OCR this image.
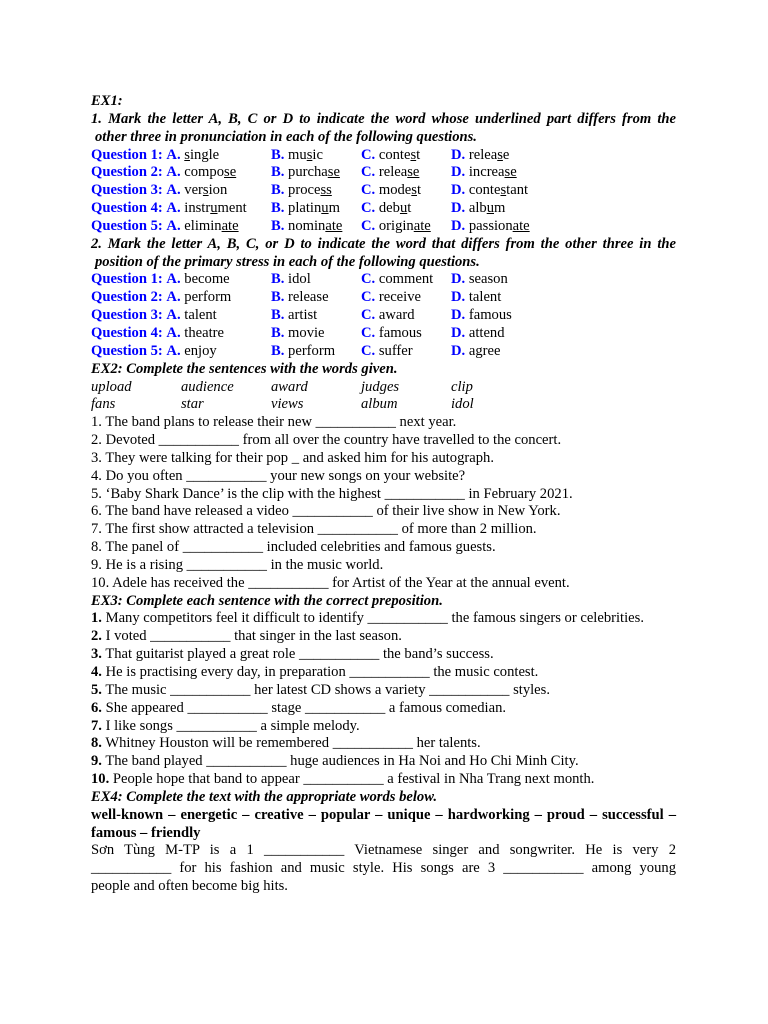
EX1:
1. Mark the letter A, B, C or D to indicate the word whose underlined part differs from the
other three in pronunciation in each of the following questions.
Question 1: A. single	B. music	C. contest	D. release
Question 2: A. compose	B. purchase	C. release	D. increase
Question 3: A. version	B. process	C. modest	D. contestant
Question 4: A. instrument	B. platinum	C. debut	D. album
Question 5: A. eliminate	B. nominate	C. originate	D. passionate
2. Mark the letter A, B, C, or D to indicate the word that differs from the other three in the
position of the primary stress in each of the following questions.
Question 1: A. become	B. idol	C. comment	D. season
Question 2: A. perform	B. release	C. receive	D. talent
Question 3: A. talent	B. artist	C. award	D. famous
Question 4: A. theatre	B. movie	C. famous	D. attend
Question 5: A. enjoy	B. perform	C. suffer	D. agree
EX2: Complete the sentences with the words given.
upload	audience	award	judges	clip
fans	star	views	album	idol
1. The band plans to release their new ___________ next year.
2. Devoted ___________ from all over the country have travelled to the concert.
3. They were talking for their pop _ and asked him for his autograph.
4. Do you often ___________ your new songs on your website?
5. ‘Baby Shark Dance’ is the clip with the highest ___________ in February 2021.
6. The band have released a video ___________ of their live show in New York.
7. The first show attracted a television ___________ of more than 2 million.
8. The panel of ___________ included celebrities and famous guests.
9. He is a rising ___________ in the music world.
10. Adele has received the ___________ for Artist of the Year at the annual event.
EX3: Complete each sentence with the correct preposition.
1. Many competitors feel it difficult to identify ___________ the famous singers or celebrities.
2. I voted ___________ that singer in the last season.
3. That guitarist played a great role ___________ the band’s success.
4. He is practising every day, in preparation ___________ the music contest.
5. The music ___________ her latest CD shows a variety ___________ styles.
6. She appeared ___________ stage ___________ a famous comedian.
7. I like songs ___________ a simple melody.
8. Whitney Houston will be remembered ___________ her talents.
9. The band played ___________ huge audiences in Ha Noi and Ho Chi Minh City.
10. People hope that band to appear ___________ a festival in Nha Trang next month.
EX4: Complete the text with the appropriate words below.
well-known – energetic – creative – popular – unique – hardworking – proud – successful –
famous – friendly
Sơn Tùng M-TP is a 1 ___________ Vietnamese singer and songwriter. He is very 2
___________ for his fashion and music style. His songs are 3 ___________ among young
people and often become big hits.
